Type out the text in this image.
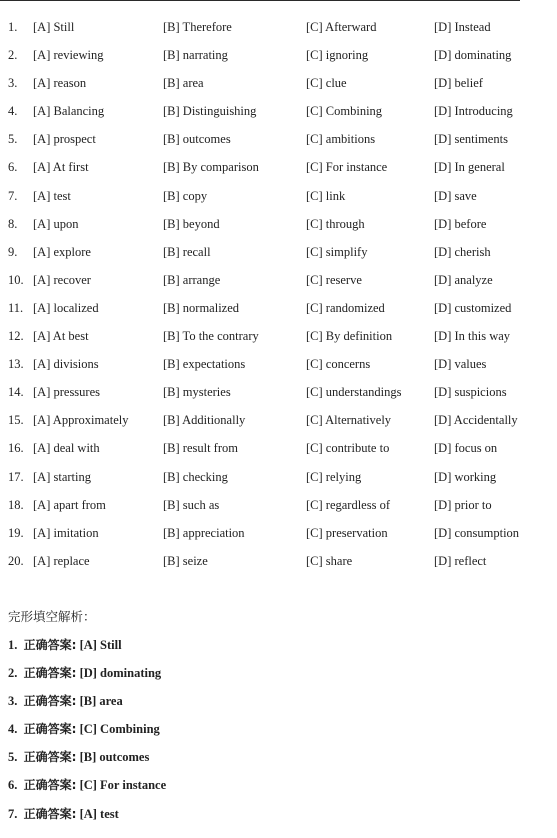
1. [A] Still	[B] Therefore	[C] Afterward	[D] Instead
2. [A] reviewing	[B] narrating	[C] ignoring	[D] dominating
3. [A] reason	[B] area	[C] clue	[D] belief
4. [A] Balancing	[B] Distinguishing	[C] Combining	[D] Introducing
5. [A] prospect	[B] outcomes	[C] ambitions	[D] sentiments
6. [A] At first	[B] By comparison	[C] For instance	[D] In general
7. [A] test	[B] copy	[C] link	[D] save
8. [A] upon	[B] beyond	[C] through	[D] before
9. [A] explore	[B] recall	[C] simplify	[D] cherish
10. [A] recover	[B] arrange	[C] reserve	[D] analyze
11. [A] localized	[B] normalized	[C] randomized	[D] customized
12. [A] At best	[B] To the contrary	[C] By definition	[D] In this way
13. [A] divisions	[B] expectations	[C] concerns	[D] values
14. [A] pressures	[B] mysteries	[C] understandings	[D] suspicions
15. [A] Approximately	[B] Additionally	[C] Alternatively	[D] Accidentally
16. [A] deal with	[B] result from	[C] contribute to	[D] focus on
17. [A] starting	[B] checking	[C] relying	[D] working
18. [A] apart from	[B] such as	[C] regardless of	[D] prior to
19. [A] imitation	[B] appreciation	[C] preservation	[D] consumption
20. [A] replace	[B] seize	[C] share	[D] reflect
完形填空解析：
1. 正确答案: [A] Still
2. 正确答案: [D] dominating
3. 正确答案: [B] area
4. 正确答案: [C] Combining
5. 正确答案: [B] outcomes
6. 正确答案: [C] For instance
7. 正确答案: [A] test
